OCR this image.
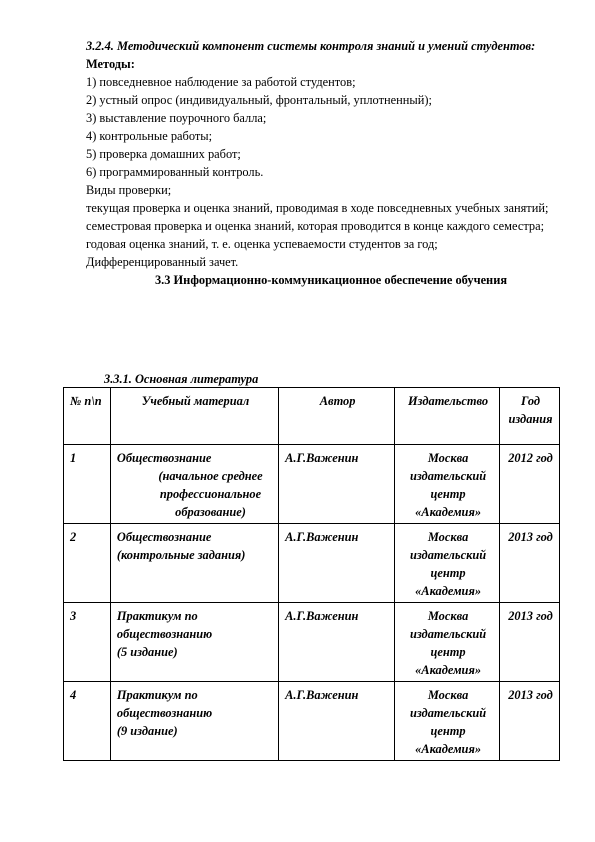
3.2.4. Методический компонент системы контроля знаний и умений студентов: Методы:

1) повседневное наблюдение за работой студентов;

2) устный опрос (индивидуальный, фронтальный, уплотненный);

3) выставление поурочного балла;

4) контрольные работы;

5) проверка домашних работ;

6) программированный контроль.

Виды проверки;

текущая проверка и оценка знаний, проводимая в ходе повседневных учебных занятий;

семестровая проверка и оценка знаний, которая проводится в конце каждого семестра;

годовая оценка знаний, т. е. оценка успеваемости студентов за год;

Дифференцированный зачет.

3.3 Информационно-коммуникационное обеспечение обучения

3.3.1. Основная литература
№ п\п	Учебный материал	Автор	Издательство	Год издания
1	Обществознание
(начальное среднее профессиональное образование)	А.Г.Важенин	Москва издательский центр «Академия»	2012 год
2	Обществознание
(контрольные задания)	А.Г.Важенин	Москва издательский центр «Академия»	2013 год
3	Практикум по обществознанию
(5 издание)	А.Г.Важенин	Москва издательский центр «Академия»	2013 год
4	Практикум по обществознанию
(9 издание)	А.Г.Важенин	Москва издательский центр «Академия»	2013 год
